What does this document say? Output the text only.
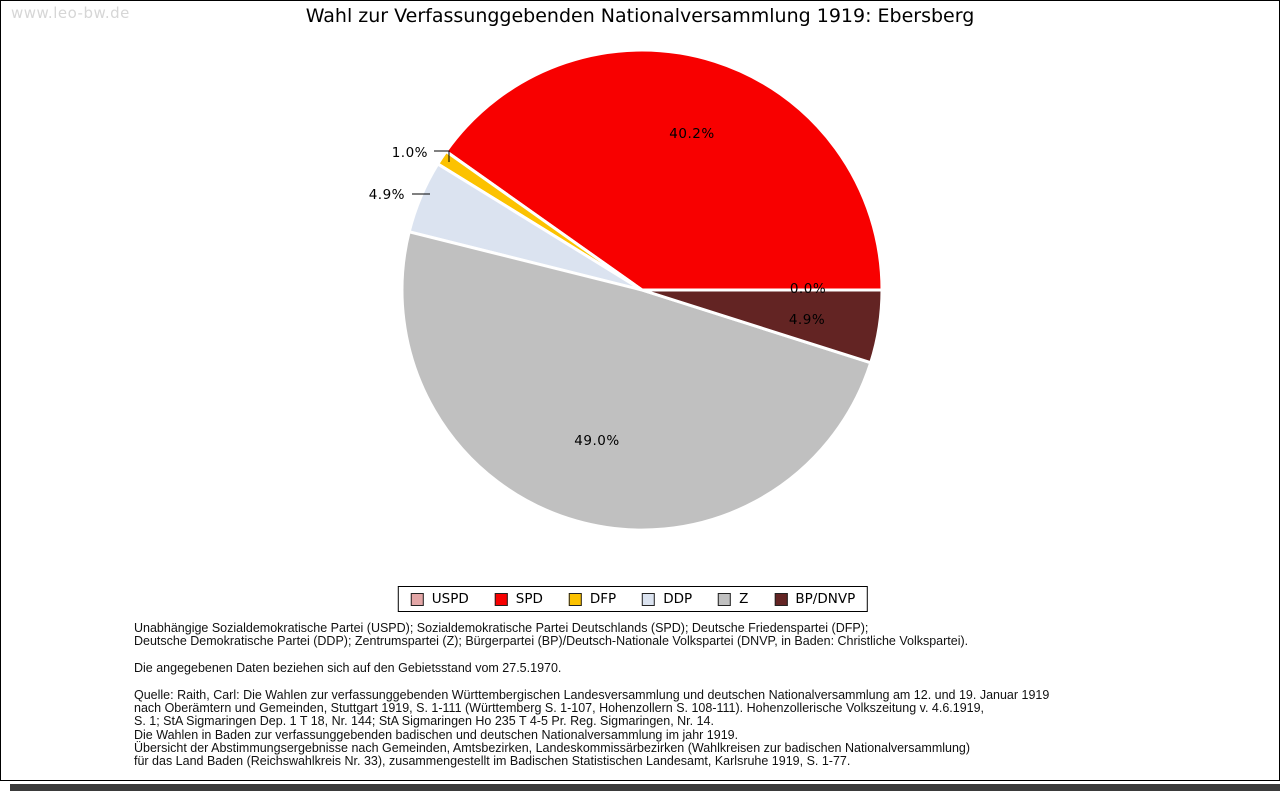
www.leo-bw.de	Wahl zur Verfassunggebenden Nationalversammlung 1919: Ebersberg
0.0%
40.2%
1.0%
4.9%
49.0%
4.9%
USPD	SPD	DFP	DDP	Z	BP/DNVP
Unabhängige Sozialdemokratische Partei (USPD); Sozialdemokratische Partei Deutschlands (SPD); Deutsche Friedenspartei (DFP);
Deutsche Demokratische Partei (DDP); Zentrumspartei (Z); Bürgerpartei (BP)/Deutsch-Nationale Volkspartei (DNVP, in Baden: Christliche Volkspartei).
Die angegebenen Daten beziehen sich auf den Gebietsstand vom 27.5.1970.
Quelle: Raith, Carl: Die Wahlen zur verfassunggebenden Württembergischen Landesversammlung und deutschen Nationalversammlung am 12. und 19. Januar 1919
nach Oberämtern und Gemeinden, Stuttgart 1919, S. 1-111 (Württemberg S. 1-107, Hohenzollern S. 108-111). Hohenzollerische Volkszeitung v. 4.6.1919,
S. 1; StA Sigmaringen Dep. 1 T 18, Nr. 144; StA Sigmaringen Ho 235 T 4-5 Pr. Reg. Sigmaringen, Nr. 14.
Die Wahlen in Baden zur verfassunggebenden badischen und deutschen Nationalversammlung im jahr 1919.
Übersicht der Abstimmungsergebnisse nach Gemeinden, Amtsbezirken, Landeskommissärbezirken (Wahlkreisen zur badischen Nationalversammlung)
für das Land Baden (Reichswahlkreis Nr. 33), zusammengestellt im Badischen Statistischen Landesamt, Karlsruhe 1919, S. 1-77.
